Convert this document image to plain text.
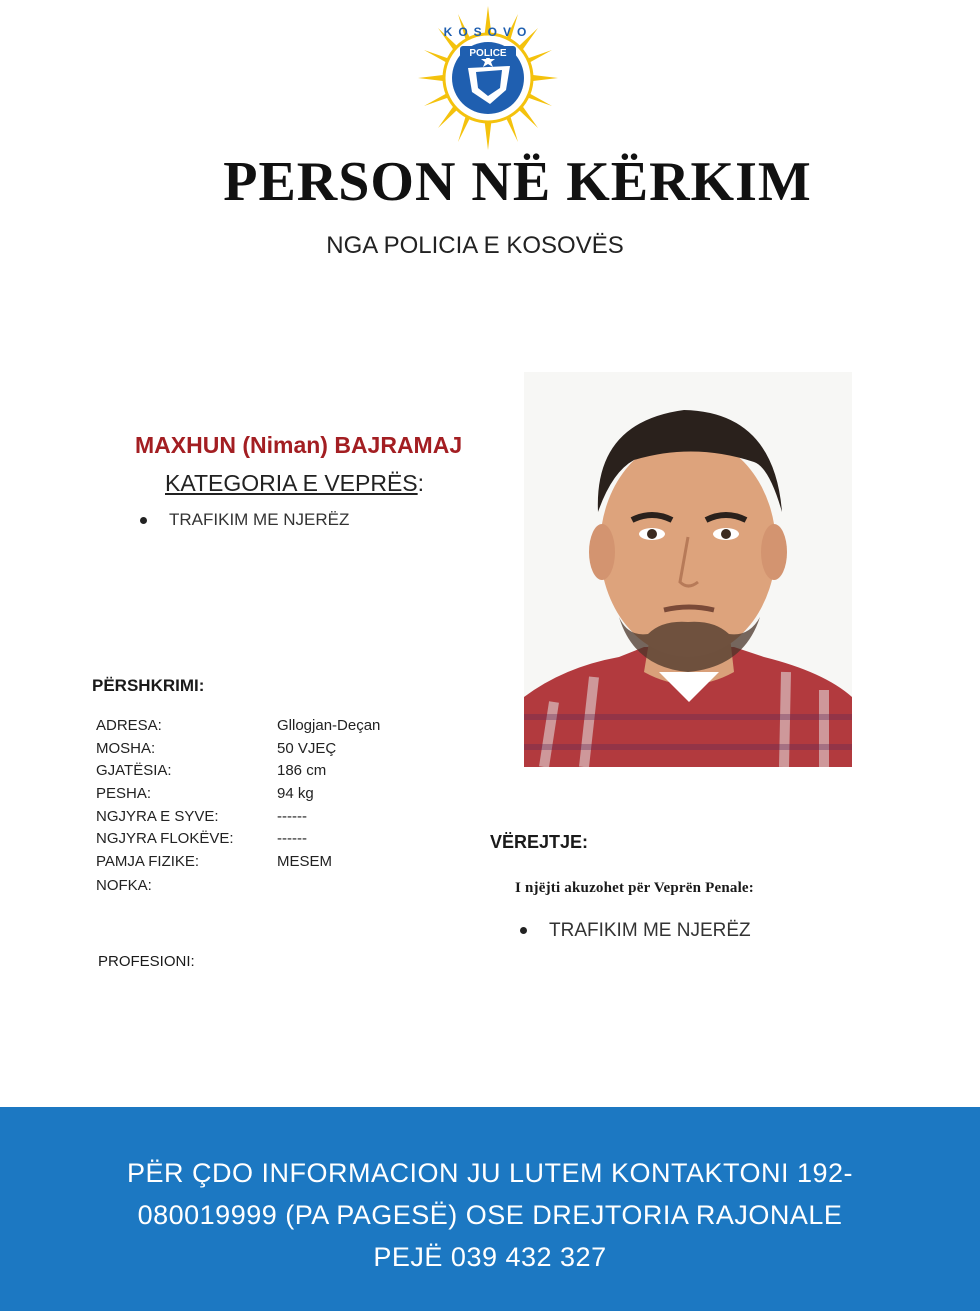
POLICE
KOSOVO
PERSON NË KËRKIM
NGA POLICIA E KOSOVËS
MAXHUN (Niman) BAJRAMAJ
KATEGORIA E VEPRËS:
TRAFIKIM ME NJERËZ
PËRSHKRIMI:
ADRESA:	Gllogjan-Deçan
MOSHA:	50 VJEÇ
GJATËSIA:	186 cm
PESHA:	94 kg
NGJYRA E SYVE:	------
NGJYRA FLOKËVE:	------
PAMJA FIZIKE:	MESEM
NOFKA:
PROFESIONI:
VËREJTJE:
I njëjti akuzohet për Veprën Penale:
TRAFIKIM ME NJERËZ
PËR ÇDO INFORMACION JU LUTEM KONTAKTONI 192-
080019999 (PA PAGESË) OSE DREJTORIA RAJONALE
PEJË 039 432 327
